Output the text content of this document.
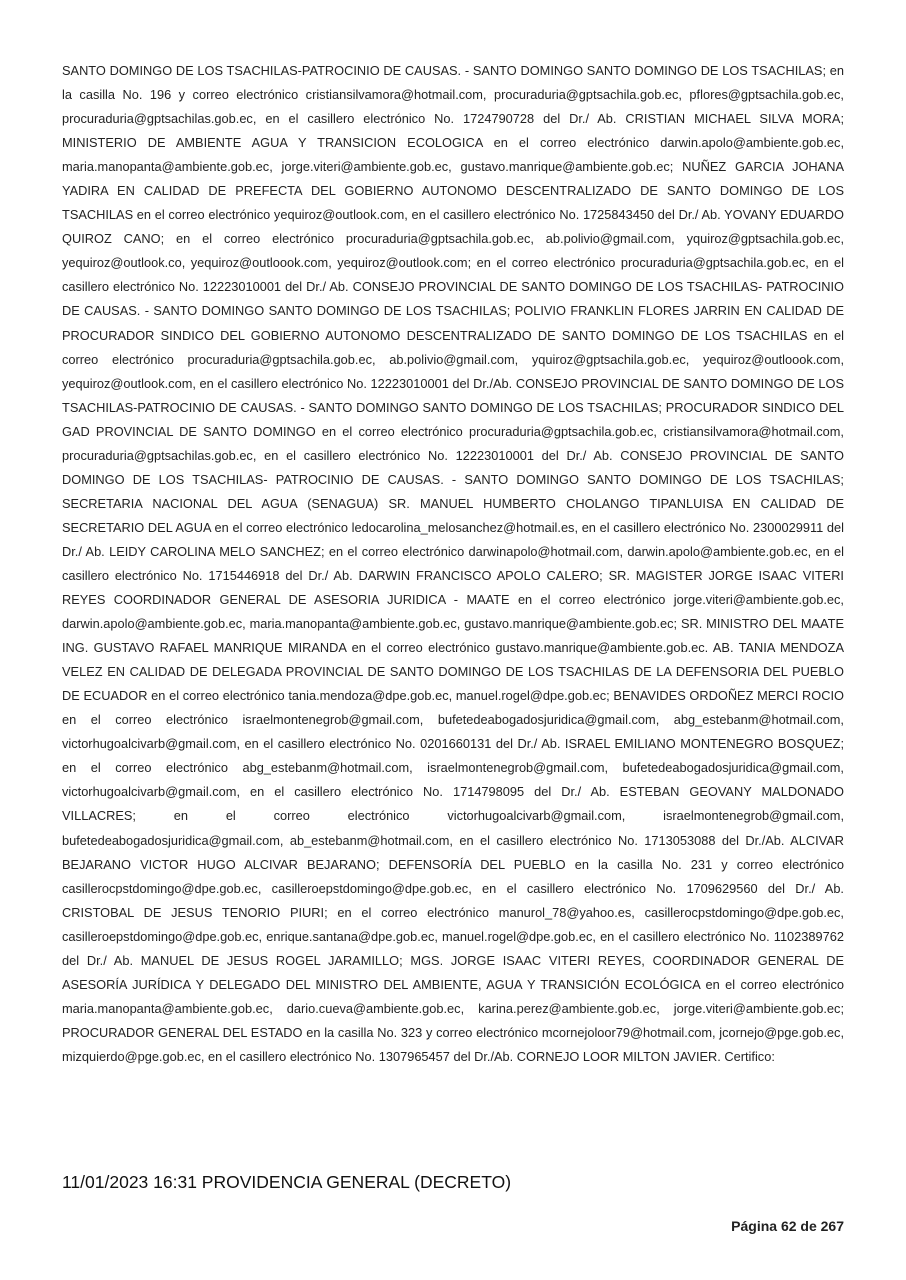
SANTO DOMINGO DE LOS TSACHILAS-PATROCINIO DE CAUSAS. - SANTO DOMINGO SANTO DOMINGO DE LOS TSACHILAS; en la casilla No. 196 y correo electrónico cristiansilvamora@hotmail.com, procuraduria@gptsachila.gob.ec, pflores@gptsachila.gob.ec, procuraduria@gptsachilas.gob.ec, en el casillero electrónico No. 1724790728 del Dr./ Ab. CRISTIAN MICHAEL SILVA MORA; MINISTERIO DE AMBIENTE AGUA Y TRANSICION ECOLOGICA en el correo electrónico darwin.apolo@ambiente.gob.ec, maria.manopanta@ambiente.gob.ec, jorge.viteri@ambiente.gob.ec, gustavo.manrique@ambiente.gob.ec; NUÑEZ GARCIA JOHANA YADIRA EN CALIDAD DE PREFECTA DEL GOBIERNO AUTONOMO DESCENTRALIZADO DE SANTO DOMINGO DE LOS TSACHILAS en el correo electrónico yequiroz@outlook.com, en el casillero electrónico No. 1725843450 del Dr./ Ab. YOVANY EDUARDO QUIROZ CANO; en el correo electrónico procuraduria@gptsachila.gob.ec, ab.polivio@gmail.com, yquiroz@gptsachila.gob.ec, yequiroz@outlook.co, yequiroz@outloook.com, yequiroz@outlook.com; en el correo electrónico procuraduria@gptsachila.gob.ec, en el casillero electrónico No. 12223010001 del Dr./ Ab. CONSEJO PROVINCIAL DE SANTO DOMINGO DE LOS TSACHILAS- PATROCINIO DE CAUSAS. - SANTO DOMINGO SANTO DOMINGO DE LOS TSACHILAS; POLIVIO FRANKLIN FLORES JARRIN EN CALIDAD DE PROCURADOR SINDICO DEL GOBIERNO AUTONOMO DESCENTRALIZADO DE SANTO DOMINGO DE LOS TSACHILAS en el correo electrónico procuraduria@gptsachila.gob.ec, ab.polivio@gmail.com, yquiroz@gptsachila.gob.ec, yequiroz@outloook.com, yequiroz@outlook.com, en el casillero electrónico No. 12223010001 del Dr./Ab. CONSEJO PROVINCIAL DE SANTO DOMINGO DE LOS TSACHILAS-PATROCINIO DE CAUSAS. - SANTO DOMINGO SANTO DOMINGO DE LOS TSACHILAS; PROCURADOR SINDICO DEL GAD PROVINCIAL DE SANTO DOMINGO en el correo electrónico procuraduria@gptsachila.gob.ec, cristiansilvamora@hotmail.com, procuraduria@gptsachilas.gob.ec, en el casillero electrónico No. 12223010001 del Dr./ Ab. CONSEJO PROVINCIAL DE SANTO DOMINGO DE LOS TSACHILAS- PATROCINIO DE CAUSAS. - SANTO DOMINGO SANTO DOMINGO DE LOS TSACHILAS; SECRETARIA NACIONAL DEL AGUA (SENAGUA) SR. MANUEL HUMBERTO CHOLANGO TIPANLUISA EN CALIDAD DE SECRETARIO DEL AGUA en el correo electrónico ledocarolina_melosanchez@hotmail.es, en el casillero electrónico No. 2300029911 del Dr./ Ab. LEIDY CAROLINA MELO SANCHEZ; en el correo electrónico darwinapolo@hotmail.com, darwin.apolo@ambiente.gob.ec, en el casillero electrónico No. 1715446918 del Dr./ Ab. DARWIN FRANCISCO APOLO CALERO; SR. MAGISTER JORGE ISAAC VITERI REYES COORDINADOR GENERAL DE ASESORIA JURIDICA - MAATE en el correo electrónico jorge.viteri@ambiente.gob.ec, darwin.apolo@ambiente.gob.ec, maria.manopanta@ambiente.gob.ec, gustavo.manrique@ambiente.gob.ec; SR. MINISTRO DEL MAATE ING. GUSTAVO RAFAEL MANRIQUE MIRANDA en el correo electrónico gustavo.manrique@ambiente.gob.ec. AB. TANIA MENDOZA VELEZ EN CALIDAD DE DELEGADA PROVINCIAL DE SANTO DOMINGO DE LOS TSACHILAS DE LA DEFENSORIA DEL PUEBLO DE ECUADOR en el correo electrónico tania.mendoza@dpe.gob.ec, manuel.rogel@dpe.gob.ec; BENAVIDES ORDOÑEZ MERCI ROCIO en el correo electrónico israelmontenegrob@gmail.com, bufetedeabogadosjuridica@gmail.com, abg_estebanm@hotmail.com, victorhugoalcivarb@gmail.com, en el casillero electrónico No. 0201660131 del Dr./ Ab. ISRAEL EMILIANO MONTENEGRO BOSQUEZ; en el correo electrónico abg_estebanm@hotmail.com, israelmontenegrob@gmail.com, bufetedeabogadosjuridica@gmail.com, victorhugoalcivarb@gmail.com, en el casillero electrónico No. 1714798095 del Dr./ Ab. ESTEBAN GEOVANY MALDONADO VILLACRES; en el correo electrónico victorhugoalcivarb@gmail.com, israelmontenegrob@gmail.com, bufetedeabogadosjuridica@gmail.com, ab_estebanm@hotmail.com, en el casillero electrónico No. 1713053088 del Dr./Ab. ALCIVAR BEJARANO VICTOR HUGO ALCIVAR BEJARANO; DEFENSORÍA DEL PUEBLO en la casilla No. 231 y correo electrónico casillerocpstdomingo@dpe.gob.ec, casilleroepstdomingo@dpe.gob.ec, en el casillero electrónico No. 1709629560 del Dr./ Ab. CRISTOBAL DE JESUS TENORIO PIURI; en el correo electrónico manurol_78@yahoo.es, casillerocpstdomingo@dpe.gob.ec, casilleroepstdomingo@dpe.gob.ec, enrique.santana@dpe.gob.ec, manuel.rogel@dpe.gob.ec, en el casillero electrónico No. 1102389762 del Dr./ Ab. MANUEL DE JESUS ROGEL JARAMILLO; MGS. JORGE ISAAC VITERI REYES, COORDINADOR GENERAL DE ASESORÍA JURÍDICA Y DELEGADO DEL MINISTRO DEL AMBIENTE, AGUA Y TRANSICIÓN ECOLÓGICA en el correo electrónico maria.manopanta@ambiente.gob.ec, dario.cueva@ambiente.gob.ec, karina.perez@ambiente.gob.ec, jorge.viteri@ambiente.gob.ec; PROCURADOR GENERAL DEL ESTADO en la casilla No. 323 y correo electrónico mcornejoloor79@hotmail.com, jcornejo@pge.gob.ec, mizquierdo@pge.gob.ec, en el casillero electrónico No. 1307965457 del Dr./Ab. CORNEJO LOOR MILTON JAVIER. Certifico:

11/01/2023 16:31 PROVIDENCIA GENERAL (DECRETO)
Página 62 de 267
